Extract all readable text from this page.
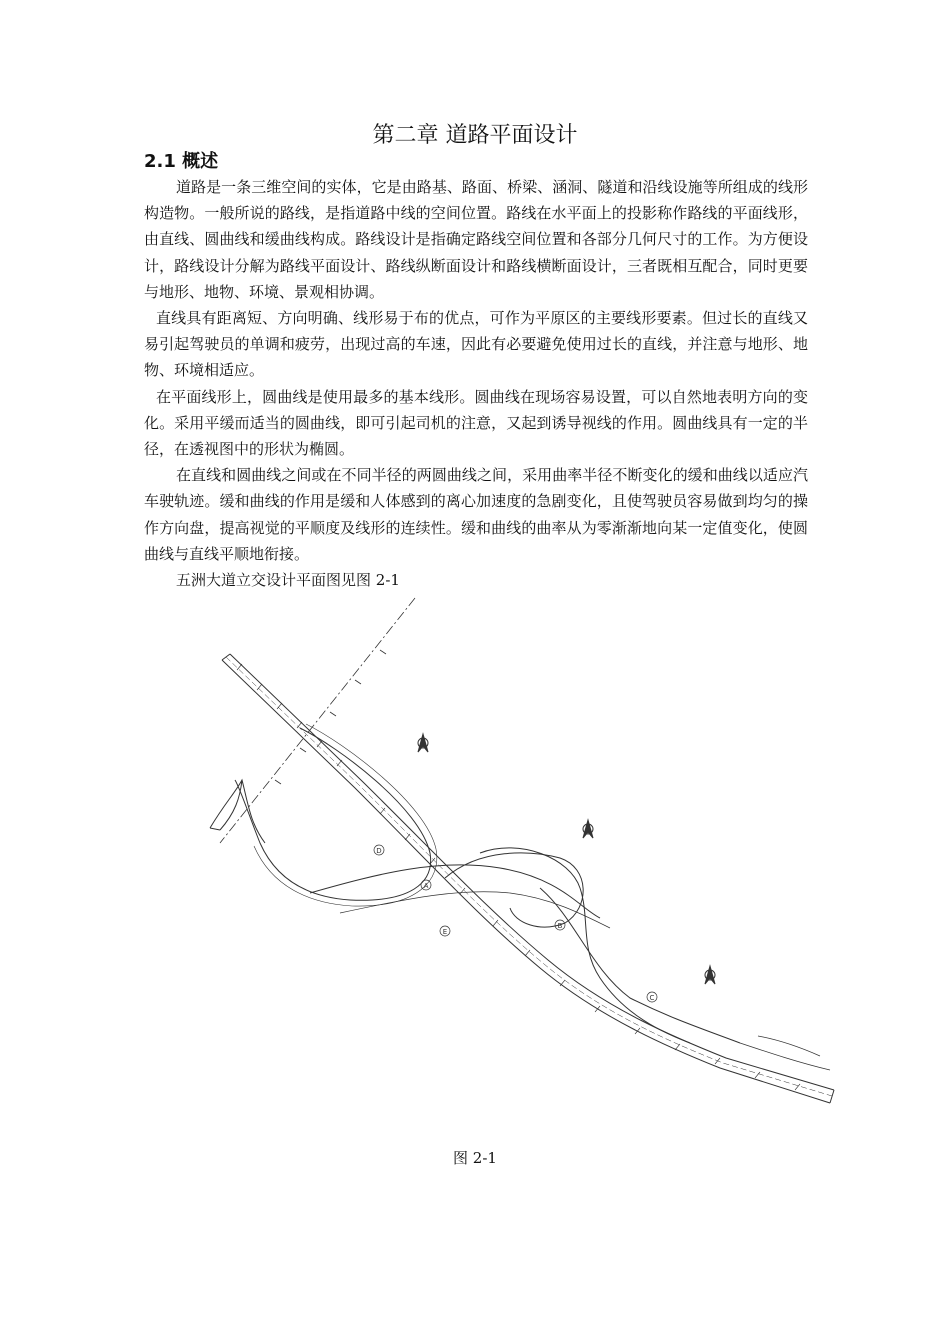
第二章 道路平面设计
2.1 概述

道路是一条三维空间的实体，它是由路基、路面、桥梁、涵洞、隧道和沿线设施等所组成的线形构造物。一般所说的路线，是指道路中线的空间位置。路线在水平面上的投影称作路线的平面线形，由直线、圆曲线和缓曲线构成。路线设计是指确定路线空间位置和各部分几何尺寸的工作。为方便设计，路线设计分解为路线平面设计、路线纵断面设计和路线横断面设计，三者既相互配合，同时更要与地形、地物、环境、景观相协调。

直线具有距离短、方向明确、线形易于布的优点，可作为平原区的主要线形要素。但过长的直线又易引起驾驶员的单调和疲劳，出现过高的车速，因此有必要避免使用过长的直线，并注意与地形、地物、环境相适应。

在平面线形上，圆曲线是使用最多的基本线形。圆曲线在现场容易设置，可以自然地表明方向的变化。采用平缓而适当的圆曲线，即可引起司机的注意，又起到诱导视线的作用。圆曲线具有一定的半径，在透视图中的形状为椭圆。

在直线和圆曲线之间或在不同半径的两圆曲线之间，采用曲率半径不断变化的缓和曲线以适应汽车驶轨迹。缓和曲线的作用是缓和人体感到的离心加速度的急剧变化，且使驾驶员容易做到均匀的操作方向盘，提高视觉的平顺度及线形的连续性。缓和曲线的曲率从为零渐渐地向某一定值变化，使圆曲线与直线平顺地衔接。

五洲大道立交设计平面图见图 2-1

D
A
B
E
C
图 2-1
